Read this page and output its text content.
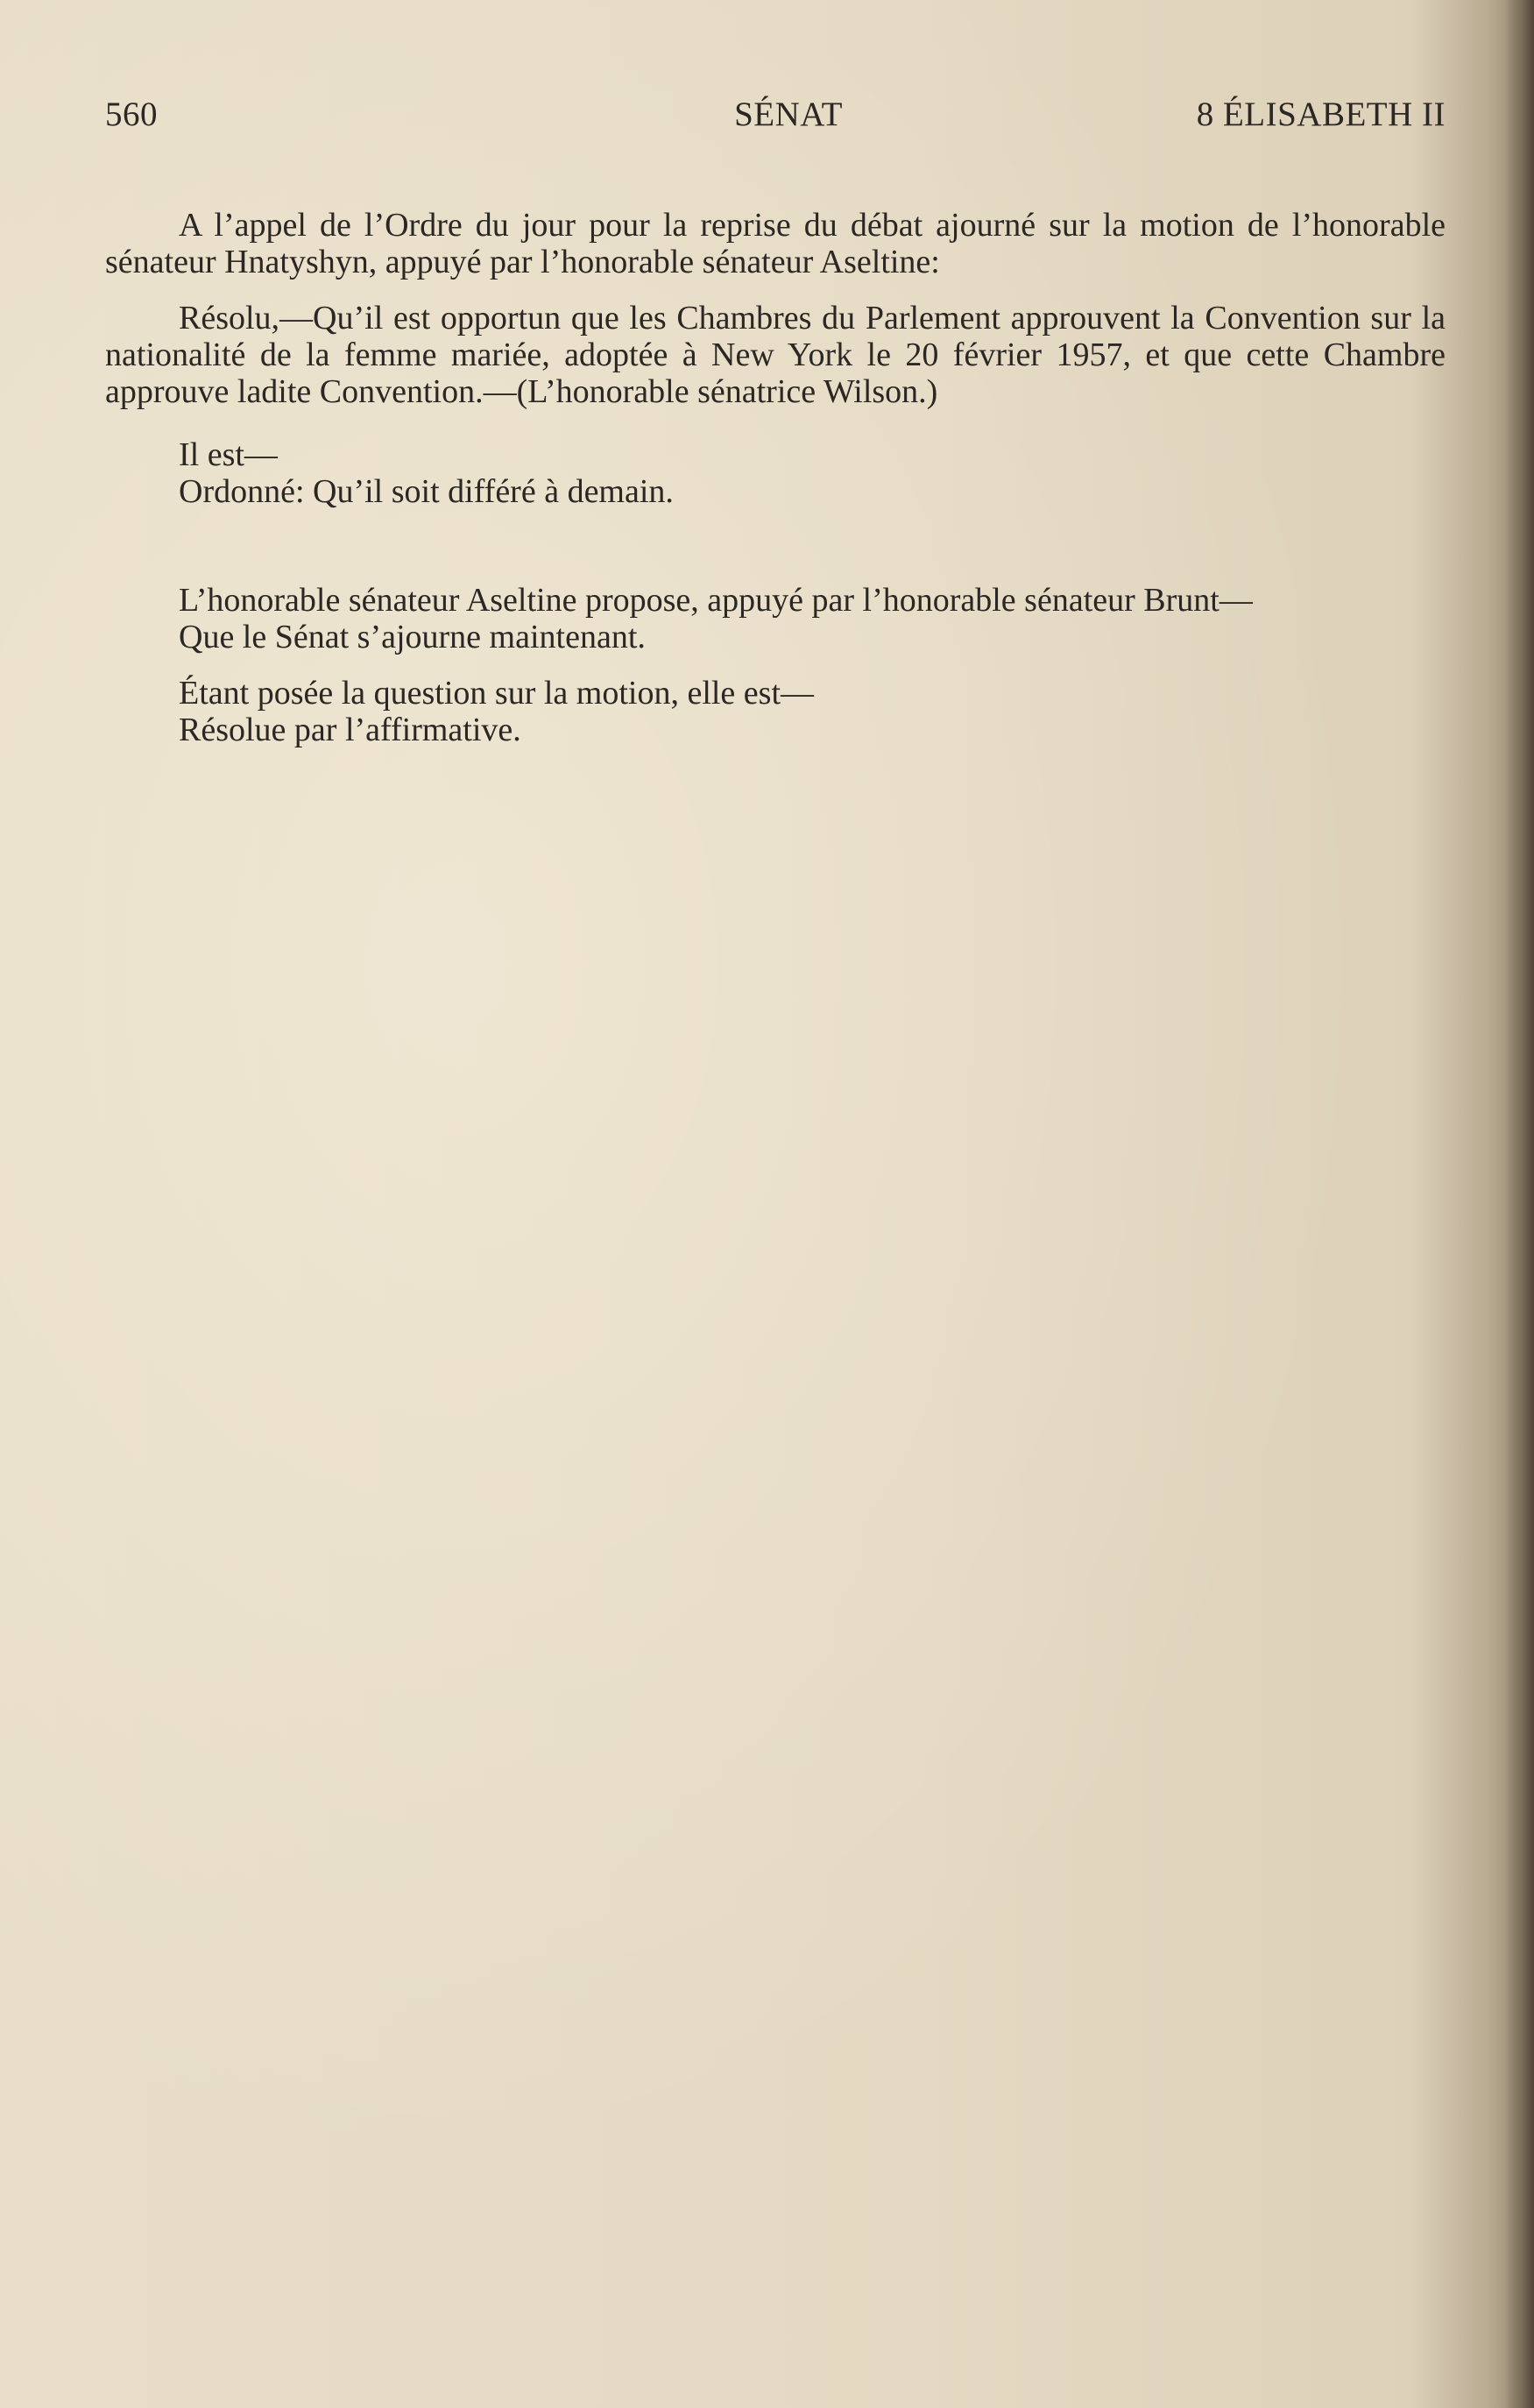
560	SÉNAT	8 ÉLISABETH II

A l’appel de l’Ordre du jour pour la reprise du débat ajourné sur la motion de l’honorable sénateur Hnatyshyn, appuyé par l’honorable sénateur Aseltine:

Résolu,—Qu’il est opportun que les Chambres du Parlement approuvent la Convention sur la nationalité de la femme mariée, adoptée à New York le 20 février 1957, et que cette Chambre approuve ladite Convention.—(L’honorable sénatrice Wilson.)

Il est—

Ordonné: Qu’il soit différé à demain.

L’honorable sénateur Aseltine propose, appuyé par l’honorable sénateur Brunt—

Que le Sénat s’ajourne maintenant.

Étant posée la question sur la motion, elle est—

Résolue par l’affirmative.
